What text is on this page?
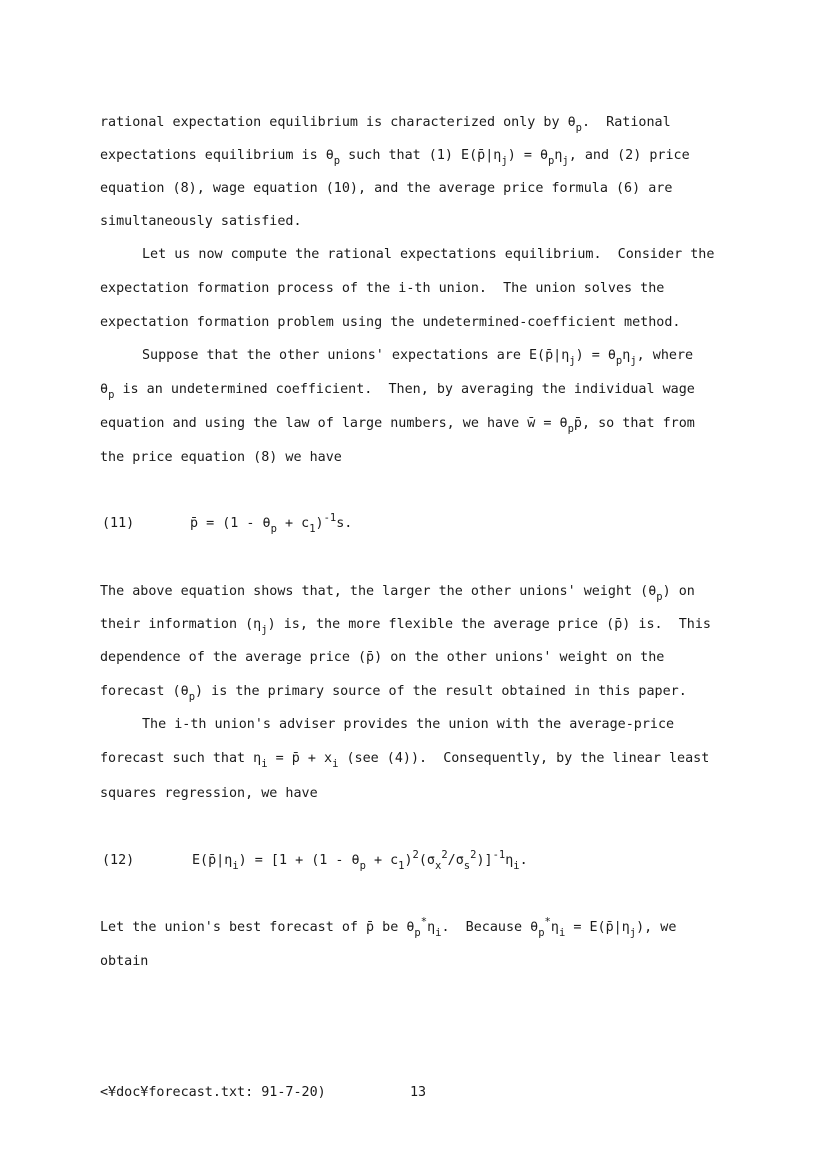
rational expectation equilibrium is characterized only by $\theta_p$.  Rational
expectations equilibrium is $\theta_p$ such that (1) $E(p̄|\eta_j) = \theta_p\eta_j$, and (2) price
equation (8), wage equation (10), and the average price formula (6) are
simultaneously satisfied.
Let us now compute the rational expectations equilibrium.  Consider the
expectation formation process of the i-th union.  The union solves the
expectation formation problem using the undetermined-coefficient method.
Suppose that the other unions' expectations are $E(p̄|\eta_j) = \theta_p\eta_j$, where
$\theta_p$ is an undetermined coefficient.  Then, by averaging the individual wage
equation and using the law of large numbers, we have w̄ = $\theta_pp̄$, so that from
the price equation (8) we have
(11)	p̄ = $(1 - \theta_p + c_1)^{-1}s$.
The above equation shows that, the larger the other unions' weight $(\theta_p)$ on
their information $(\eta_j)$ is, the more flexible the average price (p̄) is.  This
dependence of the average price (p̄) on the other unions' weight on the
forecast $(\theta_p)$ is the primary source of the result obtained in this paper.
The i-th union's adviser provides the union with the average-price
forecast such that $\eta_i$ = p̄ + $x_i$ (see (4)).  Consequently, by the linear least
squares regression, we have
(12)	$E(p̄|\eta_i) = [1 + (1 - \theta_p + c_1)^2(\sigma_x^2/\sigma_s^2)]^{-1}\eta_i$.
Let the union's best forecast of p̄ be $\theta_p^*\eta_i$.  Because $\theta_p^*\eta_i$ = $E(p̄|\eta_j)$, we
obtain
<¥doc¥forecast.txt: 91-7-20)	13
